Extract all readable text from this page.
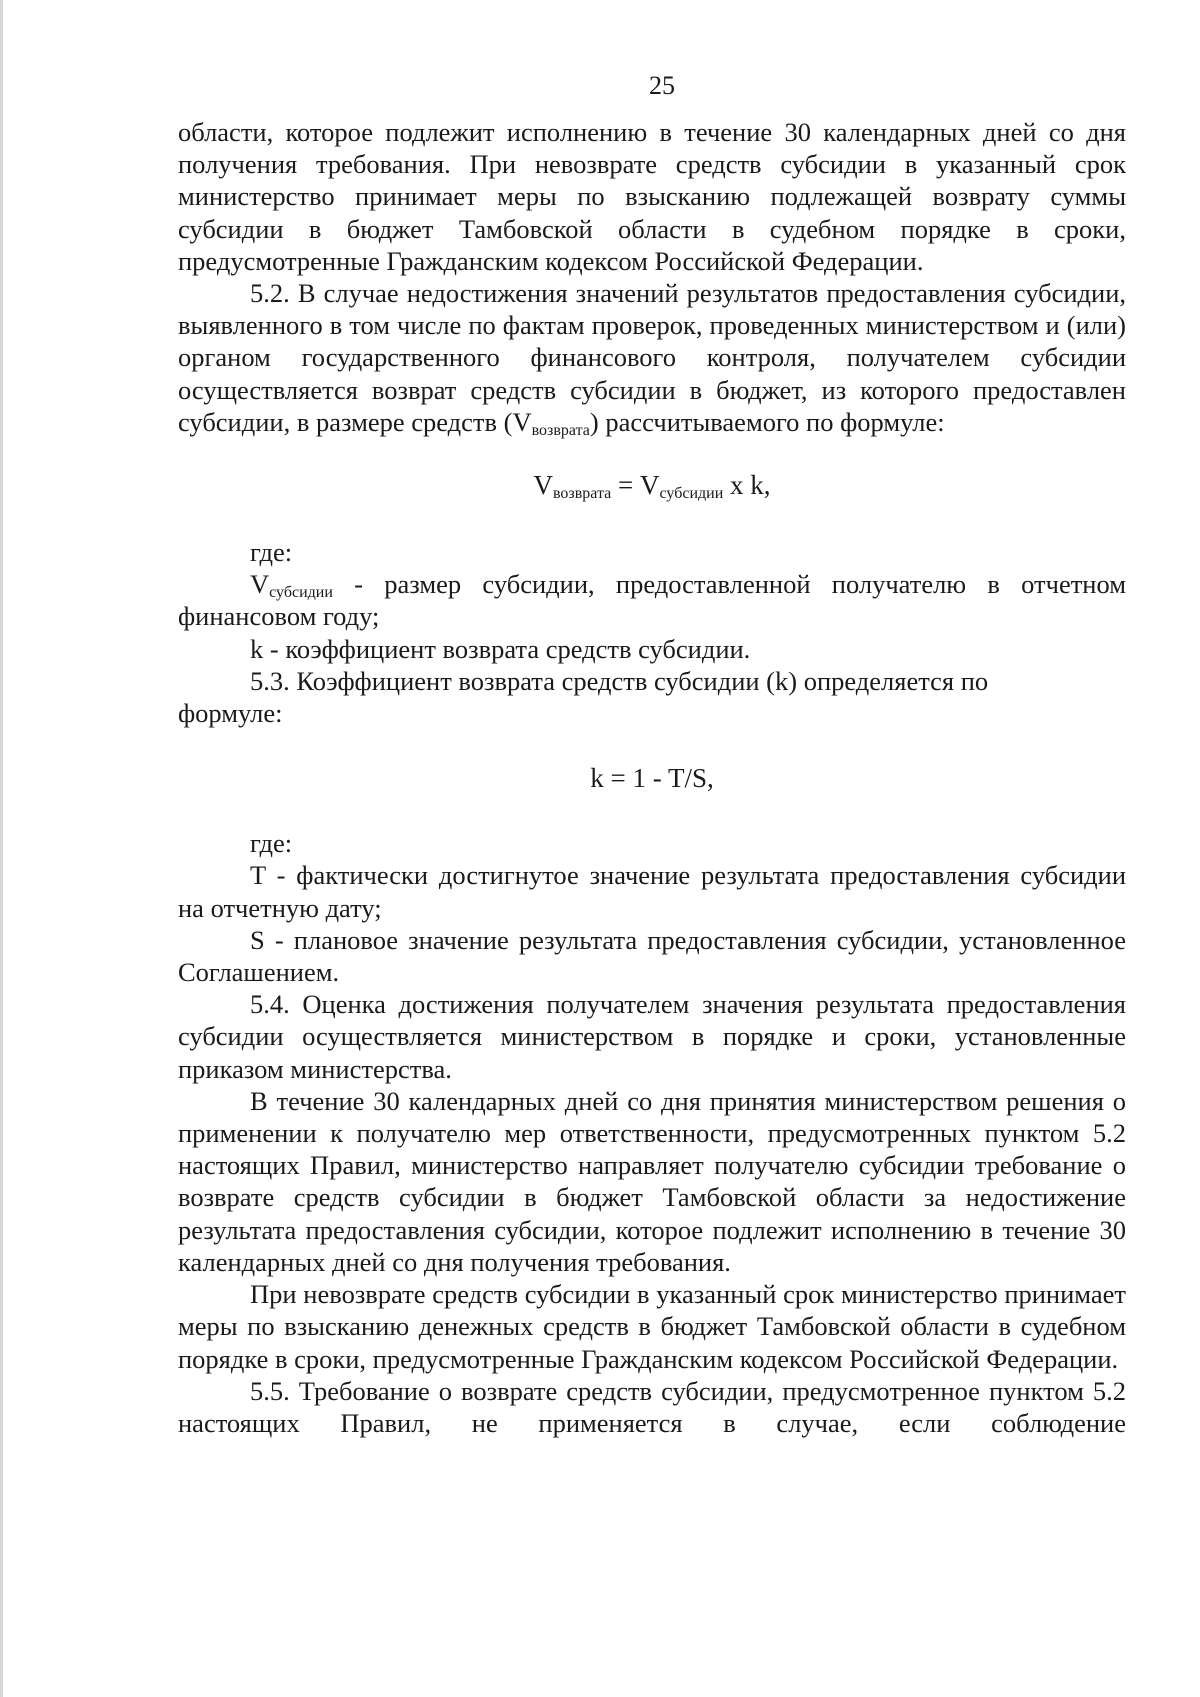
25

области, которое подлежит исполнению в течение 30 календарных дней со дня получения требования. При невозврате средств субсидии в указанный срок министерство принимает меры по взысканию подлежащей возврату суммы субсидии в бюджет Тамбовской области в судебном порядке в сроки, предусмотренные Гражданским кодексом Российской Федерации.

5.2. В случае недостижения значений результатов предоставления субсидии, выявленного в том числе по фактам проверок, проведенных министерством и (или) органом государственного финансового контроля, получателем субсидии осуществляется возврат средств субсидии в бюджет, из которого предоставлен субсидии, в размере средств $(V_{возврата})$ рассчитываемого по формуле:

$V_{возврата} = V_{субсидии}$ x k,

где:

$V_{субсидии}$ - размер субсидии, предоставленной получателю в отчетном финансовом году;

k - коэффициент возврата средств субсидии.

5.3. Коэффициент возврата средств субсидии (k) определяется по

формуле:

k = 1 - T/S,

где:

T - фактически достигнутое значение результата предоставления субсидии на отчетную дату;

S - плановое значение результата предоставления субсидии, установленное Соглашением.

5.4. Оценка достижения получателем значения результата предоставления субсидии осуществляется министерством в порядке и сроки, установленные приказом министерства.

В течение 30 календарных дней со дня принятия министерством решения о применении к получателю мер ответственности, предусмотренных пунктом 5.2 настоящих Правил, министерство направляет получателю субсидии требование о возврате средств субсидии в бюджет Тамбовской области за недостижение результата предоставления субсидии, которое подлежит исполнению в течение 30 календарных дней со дня получения требования.

При невозврате средств субсидии в указанный срок министерство принимает меры по взысканию денежных средств в бюджет Тамбовской области в судебном порядке в сроки, предусмотренные Гражданским кодексом Российской Федерации.

5.5. Требование о возврате средств субсидии, предусмотренное пунктом 5.2 настоящих Правил, не применяется в случае, если соблюдение
